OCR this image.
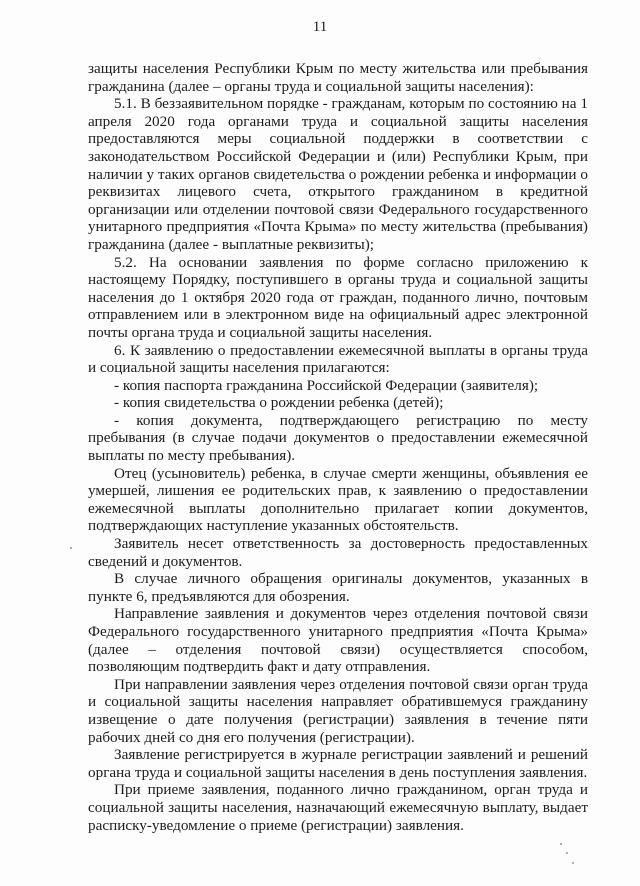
11

защиты населения Республики Крым по месту жительства или пребывания гражданина (далее – органы труда и социальной защиты населения):

5.1. В беззаявительном порядке - гражданам, которым по состоянию на 1 апреля 2020 года органами труда и социальной защиты населения предоставляются меры социальной поддержки в соответствии с законодательством Российской Федерации и (или) Республики Крым, при наличии у таких органов свидетельства о рождении ребенка и информации о реквизитах лицевого счета, открытого гражданином в кредитной организации или отделении почтовой связи Федерального государственного унитарного предприятия «Почта Крыма» по месту жительства (пребывания) гражданина (далее - выплатные реквизиты);

5.2. На основании заявления по форме согласно приложению к настоящему Порядку, поступившего в органы труда и социальной защиты населения до 1 октября 2020 года от граждан, поданного лично, почтовым отправлением или в электронном виде на официальный адрес электронной почты органа труда и социальной защиты населения.

6. К заявлению о предоставлении ежемесячной выплаты в органы труда и социальной защиты населения прилагаются:

- копия паспорта гражданина Российской Федерации (заявителя);

- копия свидетельства о рождении ребенка (детей);

- копия документа, подтверждающего регистрацию по месту пребывания (в случае подачи документов о предоставлении ежемесячной выплаты по месту пребывания).

Отец (усыновитель) ребенка, в случае смерти женщины, объявления ее умершей, лишения ее родительских прав, к заявлению о предоставлении ежемесячной выплаты дополнительно прилагает копии документов, подтверждающих наступление указанных обстоятельств.

Заявитель несет ответственность за достоверность предоставленных сведений и документов.

В случае личного обращения оригиналы документов, указанных в пункте 6, предъявляются для обозрения.

Направление заявления и документов через отделения почтовой связи Федерального государственного унитарного предприятия «Почта Крыма» (далее – отделения почтовой связи) осуществляется способом, позволяющим подтвердить факт и дату отправления.

При направлении заявления через отделения почтовой связи орган труда и социальной защиты населения направляет обратившемуся гражданину извещение о дате получения (регистрации) заявления в течение пяти рабочих дней со дня его получения (регистрации).

Заявление регистрируется в журнале регистрации заявлений и решений органа труда и социальной защиты населения в день поступления заявления.

При приеме заявления, поданного лично гражданином, орган труда и социальной защиты населения, назначающий ежемесячную выплату, выдает расписку-уведомление о приеме (регистрации) заявления.
